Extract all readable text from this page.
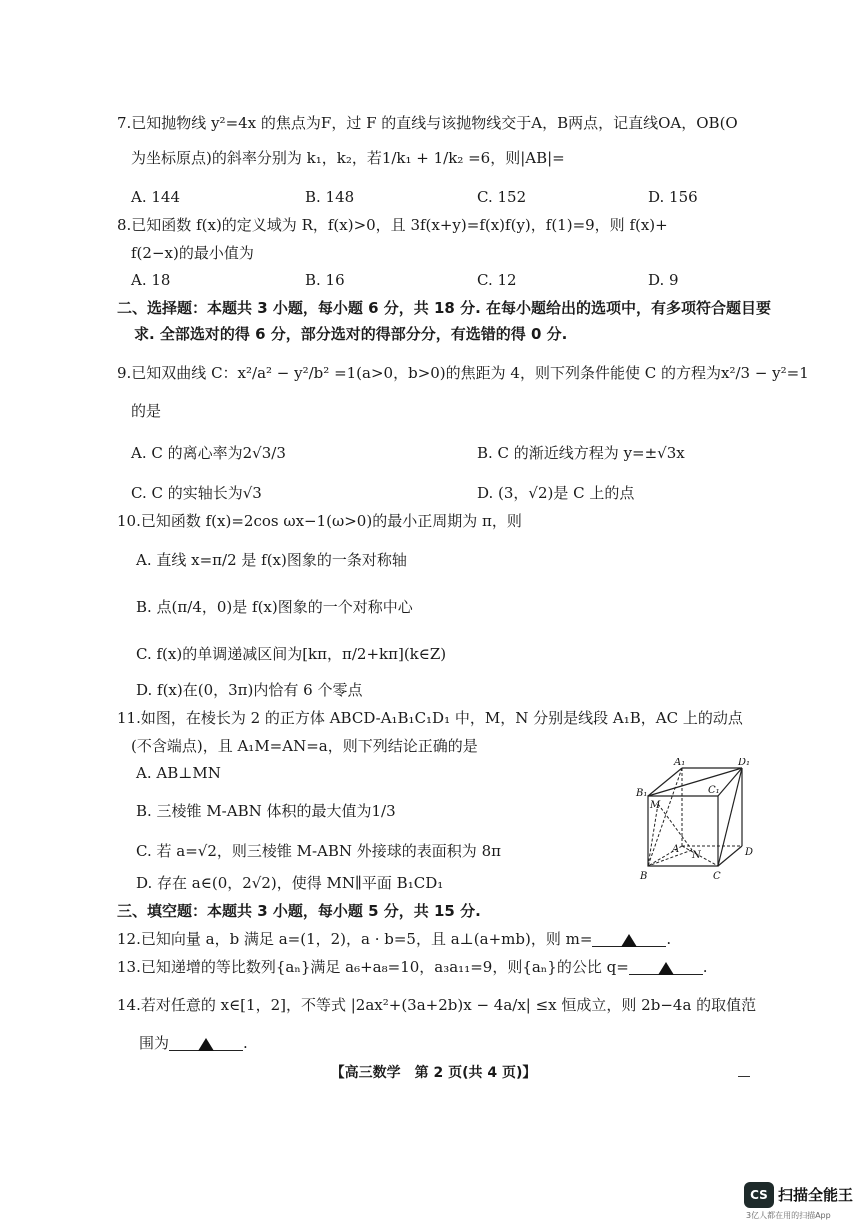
7.已知抛物线 y²=4x 的焦点为F，过 F 的直线与该抛物线交于A，B两点，记直线OA，OB(O
为坐标原点)的斜率分别为 k₁，k₂，若1/k₁ + 1/k₂ =6，则|AB|=
A. 144	B. 148	C. 152	D. 156
8.已知函数 f(x)的定义域为 R，f(x)>0，且 3f(x+y)=f(x)f(y)，f(1)=9，则 f(x)+
f(2−x)的最小值为
A. 18	B. 16	C. 12	D. 9
二、选择题：本题共 3 小题，每小题 6 分，共 18 分. 在每小题给出的选项中，有多项符合题目要
求. 全部选对的得 6 分，部分选对的得部分分，有选错的得 0 分.
9.已知双曲线 C：x²/a² − y²/b² =1(a>0，b>0)的焦距为 4，则下列条件能使 C 的方程为x²/3 − y²=1
的是
A. C 的离心率为2√3/3	B. C 的渐近线方程为 y=±√3x
C. C 的实轴长为√3	D. (3，√2)是 C 上的点
10.已知函数 f(x)=2cos ωx−1(ω>0)的最小正周期为 π，则
A. 直线 x=π/2 是 f(x)图象的一条对称轴
B. 点(π/4，0)是 f(x)图象的一个对称中心
C. f(x)的单调递减区间为[kπ，π/2+kπ](k∈Z)
D. f(x)在(0，3π)内恰有 6 个零点
11.如图，在棱长为 2 的正方体 ABCD-A₁B₁C₁D₁ 中，M，N 分别是线段 A₁B，AC 上的动点
(不含端点)，且 A₁M=AN=a，则下列结论正确的是
A. AB⊥MN
B. 三棱锥 M-ABN 体积的最大值为1/3
C. 若 a=√2，则三棱锥 M-ABN 外接球的表面积为 8π
D. 存在 a∈(0，2√2)，使得 MN∥平面 B₁CD₁
A₁	D₁
B₁	C₁
M
N
A	D
B	C
三、填空题：本题共 3 小题，每小题 5 分，共 15 分.
12.已知向量 a，b 满足 a=(1，2)，a · b=5，且 a⊥(a+mb)，则 m=	.
13.已知递增的等比数列{aₙ}满足 a₆+a₈=10，a₃a₁₁=9，则{aₙ}的公比 q=	.
14.若对任意的 x∈[1，2]，不等式 |2ax²+(3a+2b)x − 4a/x| ≤x 恒成立，则 2b−4a 的取值范
围为	.
【高三数学　第 2 页(共 4 页)】
CS 扫描全能王
3亿人都在用的扫描App
